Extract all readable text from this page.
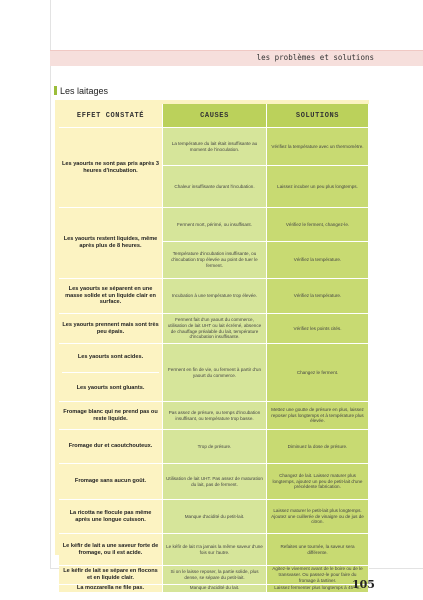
les problèmes et solutions
Les laitages
EFFET CONSTATÉ	CAUSES	SOLUTIONS
Les yaourts ne sont pas pris après 3 heures d'incubation.
Les yaourts restent liquides, même après plus de 8 heures.
Les yaourts se séparent en une masse solide et un liquide clair en surface.
Les yaourts prennent mais sont très peu épais.
Les yaourts sont acides.
Les yaourts sont gluants.
Fromage blanc qui ne prend pas ou reste liquide.
Fromage dur et caoutchouteux.
Fromage sans aucun goût.
La ricotta ne flocule pas même après une longue cuisson.
Le kéfir de lait a une saveur forte de fromage, ou il est acide.
Le kéfir de lait se sépare en flocons et en liquide clair.
La mozzarella ne file pas.
La température du lait était insuffisante au moment de l'inoculation.
Chaleur insuffisante durant l'incubation.
Ferment mort, périmé, ou insuffisant.
Température d'incubation insuffisante, ou d'incubation trop élevée au point de tuer le ferment.
Incubation à une température trop élevée.
Ferment fait d'un yaourt du commerce, utilisation de lait UHT ou lait écrémé, absence de chauffage préalable du lait, température d'incubation insuffisante.
Ferment en fin de vie, ou ferment à partir d'un yaourt du commerce.
Pas assez de présure, ou temps d'incubation insuffisant, ou température trop basse.
Trop de présure.
Utilisation de lait UHT. Pas assez de maturation du lait, pas de ferment.
Manque d'acidité du petit-lait.
Le kéfir de lait n'a jamais la même saveur d'une fois sur l'autre.
Si on le laisse reposer, la partie solide, plus dense, se sépare du petit-lait.
Manque d'acidité du lait.
Vérifiez la température avec un thermomètre.
Laissez incuber un peu plus longtemps.
Vérifiez le ferment, changez-le.
Vérifiez la température.
Vérifiez la température.
Vérifiez les points cités.
Changez le ferment.
Mettez une goutte de présure en plus, laissez reposer plus longtemps et à température plus élevée.
Diminuez la dose de présure.
Changez de lait. Laissez maturer plus longtemps, ajoutez un peu de petit-lait d'une précédente fabrication.
Laissez maturer le petit-lait plus longtemps. Ajoutez une cuillerée de vinaigre ou de jus de citron.
Refaites une tournée, la saveur sera différente.
Agitez-le vivement avant de le boire ou de le transvaser. Ou passez-le pour faire du fromage à tartiner.
Laissez fermenter plus longtemps à 45° C.
105
